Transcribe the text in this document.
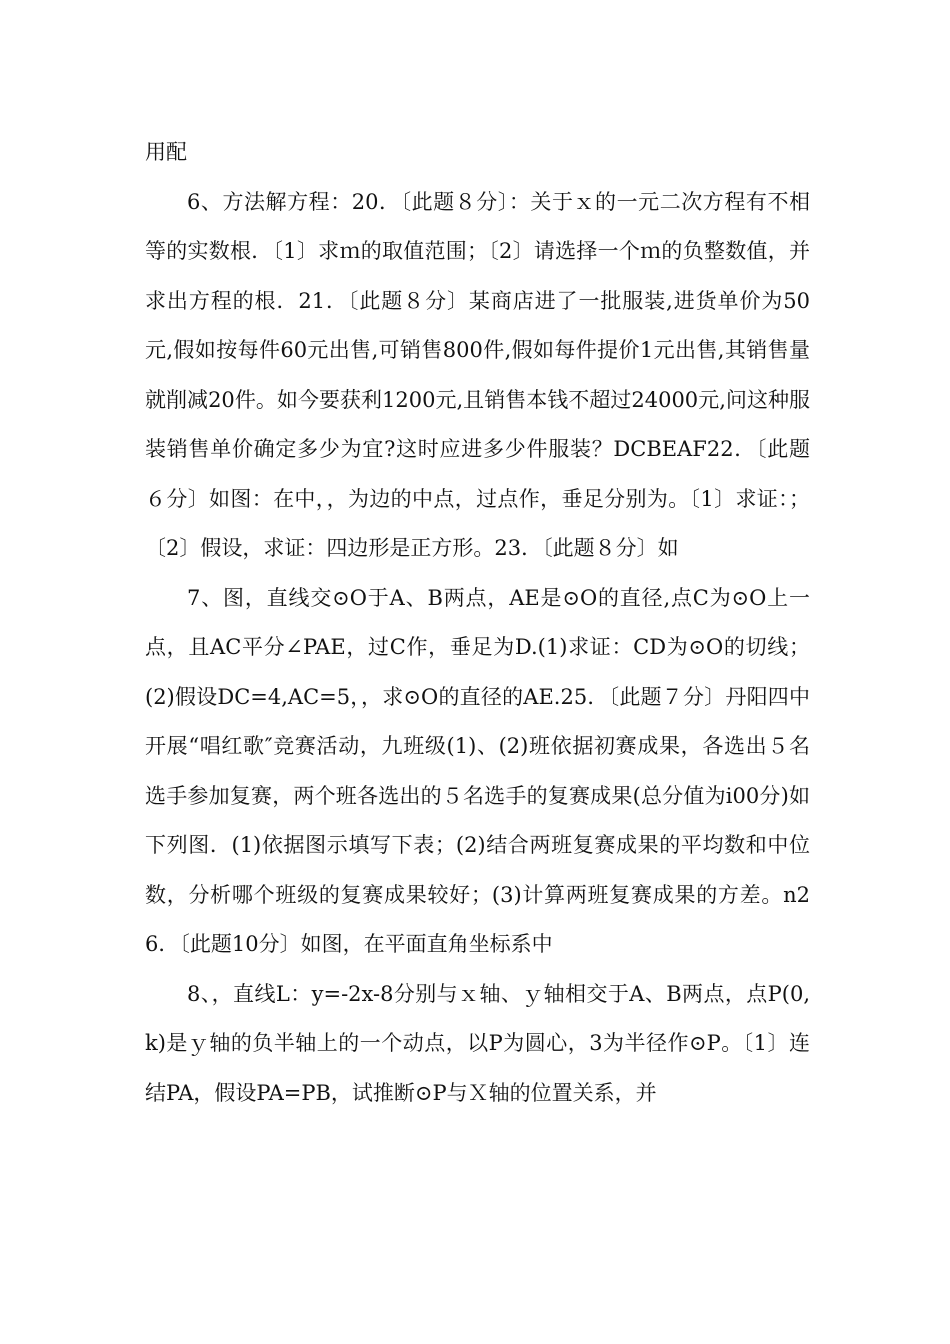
用配

6、方法解方程：20．〔此题８分〕：关于ｘ的一元二次方程有不相等的实数根．〔1〕求ｍ的取值范围；〔2〕请选择一个ｍ的负整数值，并求出方程的根．21．〔此题８分〕某商店进了一批服装,进货单价为50元,假如按每件60元出售,可销售800件,假如每件提价1元出售,其销售量就削减20件。如今要获利1200元,且销售本钱不超过24000元,问这种服装销售单价确定多少为宜?这时应进多少件服装？DCBEAF22．〔此题６分〕如图：在中，，为边的中点，过点作，垂足分别为。〔1〕求证：；〔2〕假设，求证：四边形是正方形。23．〔此题８分〕如

7、图，直线交⊙O于A、B两点，AE是⊙O的直径,点C为⊙O上一点，且AC平分∠PAE，过C作，垂足为D.(1)求证：CD为⊙O的切线；(2)假设DC=4,AC=5，，求⊙O的直径的AE.25．〔此题７分〕丹阳四中开展“唱红歌″竞赛活动，九班级(1)、(2)班依据初赛成果，各选出５名选手参加复赛，两个班各选出的５名选手的复赛成果(总分值为i00分)如下列图．(1)依据图示填写下表；(2)结合两班复赛成果的平均数和中位数，分析哪个班级的复赛成果较好；(3)计算两班复赛成果的方差。n26．〔此题10分〕如图，在平面直角坐标系中

8、，直线L：y=-2x-8分别与ｘ轴、ｙ轴相交于A、B两点，点P(0,k)是ｙ轴的负半轴上的一个动点，以P为圆心，3为半径作⊙P。〔1〕连结PA，假设PA=PB，试推断⊙P与Ｘ轴的位置关系，并
